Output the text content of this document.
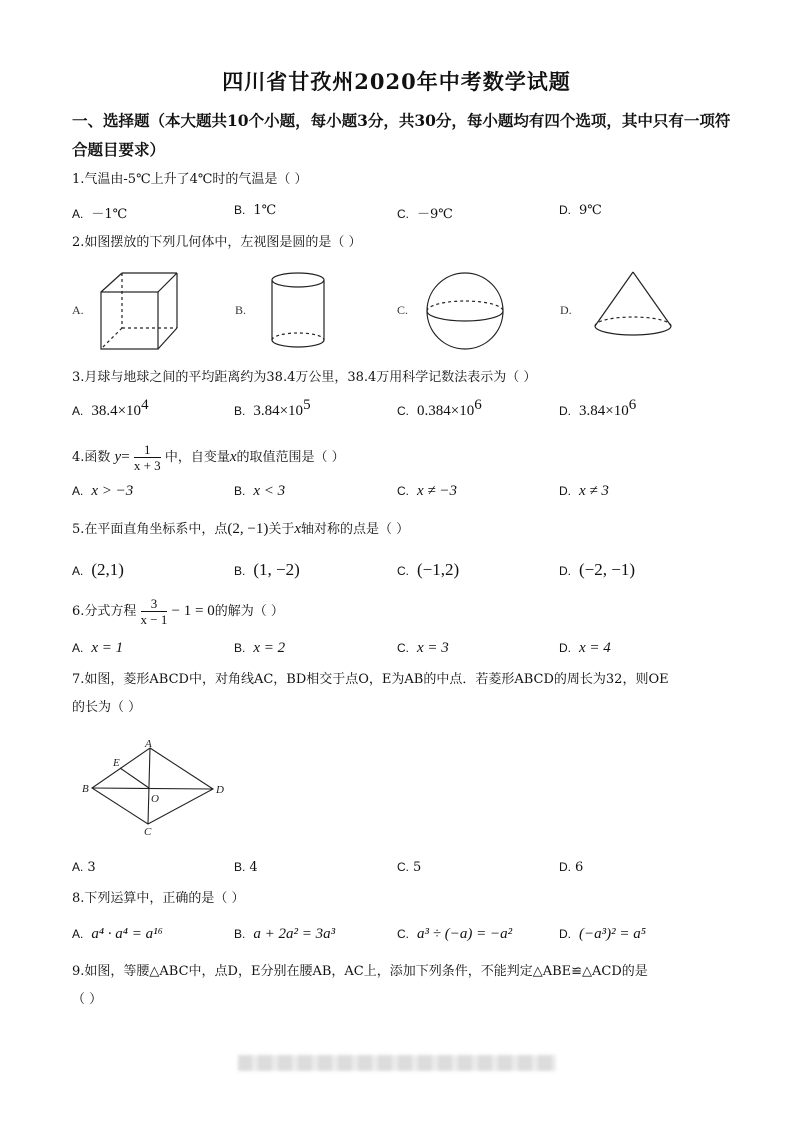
四川省甘孜州2020年中考数学试题
一、选择题（本大题共10个小题，每小题3分，共30分，每小题均有四个选项，其中只有一项符合题目要求）
1.气温由-5℃上升了4℃时的气温是（ ）
A. －1℃	B. 1℃	C. －9℃	D. 9℃
2.如图摆放的下列几何体中，左视图是圆的是（ ）
A.	B.	C.	D.
3.月球与地球之间的平均距离约为38.4万公里，38.4万用科学记数法表示为（ ）
A. $38.4\times 10^4$	B. $3.84\times 10^5$	C. $0.384\times 10^6$	D. $3.84\times 10^6$
4.函数 $y= \frac{1}{x + 3}$ 中，自变量x的取值范围是（ ）
A. x > −3	B. x < 3	C. x ≠ −3	D. x ≠ 3
5.在平面直角坐标系中，点(2, −1)关于x轴对称的点是（ ）
A. (2,1)	B. (1, −2)	C. (−1,2)	D. (−2, −1)
6.分式方程 $\frac{3}{x - 1} - 1 = 0$的解为（ ）
A. x = 1	B. x = 2	C. x = 3	D. x = 4
7.如图，菱形ABCD中，对角线AC，BD相交于点O，E为AB的中点．若菱形ABCD的周长为32，则OE
的长为（ ）
A
E
B
O
D
C
A. 3	B. 4	C. 5	D. 6
8.下列运算中，正确的是（ ）
A. a⁴ · a⁴ = a¹⁶	B. a + 2a² = 3a³	C. a³ ÷ (−a) = −a²	D. (−a³)² = a⁵
9.如图，等腰△ABC中，点D，E分别在腰AB，AC上，添加下列条件，不能判定△ABE≌△ACD的是
（ ）
